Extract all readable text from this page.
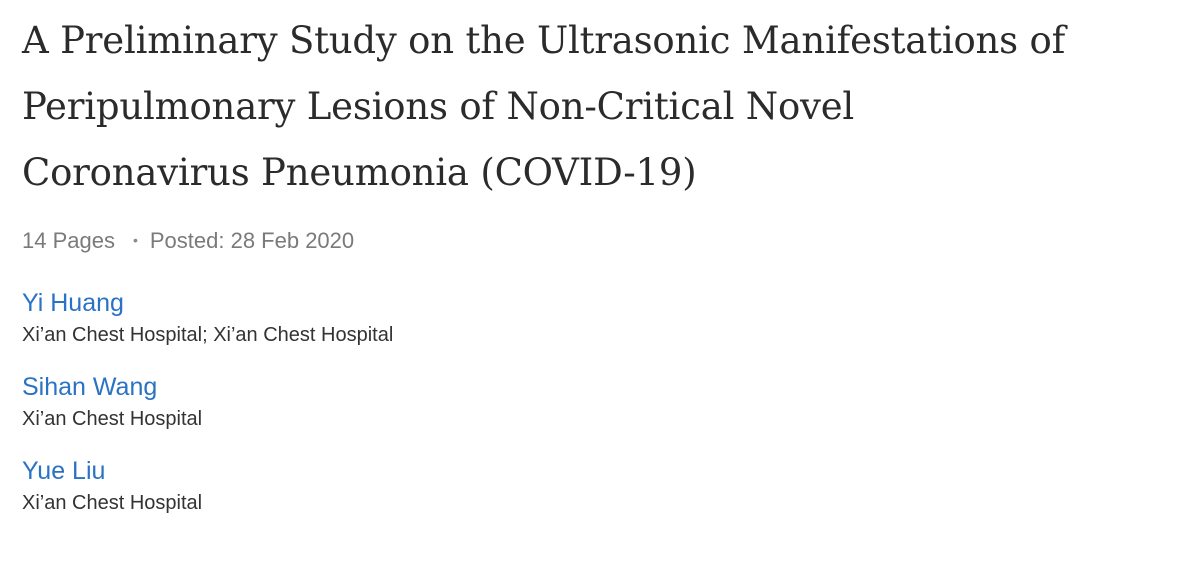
A Preliminary Study on the Ultrasonic Manifestations of
Peripulmonary Lesions of Non-Critical Novel
Coronavirus Pneumonia (COVID-19)
14 Pages • Posted: 28 Feb 2020
Yi Huang
Xi’an Chest Hospital; Xi’an Chest Hospital
Sihan Wang
Xi’an Chest Hospital
Yue Liu
Xi’an Chest Hospital
